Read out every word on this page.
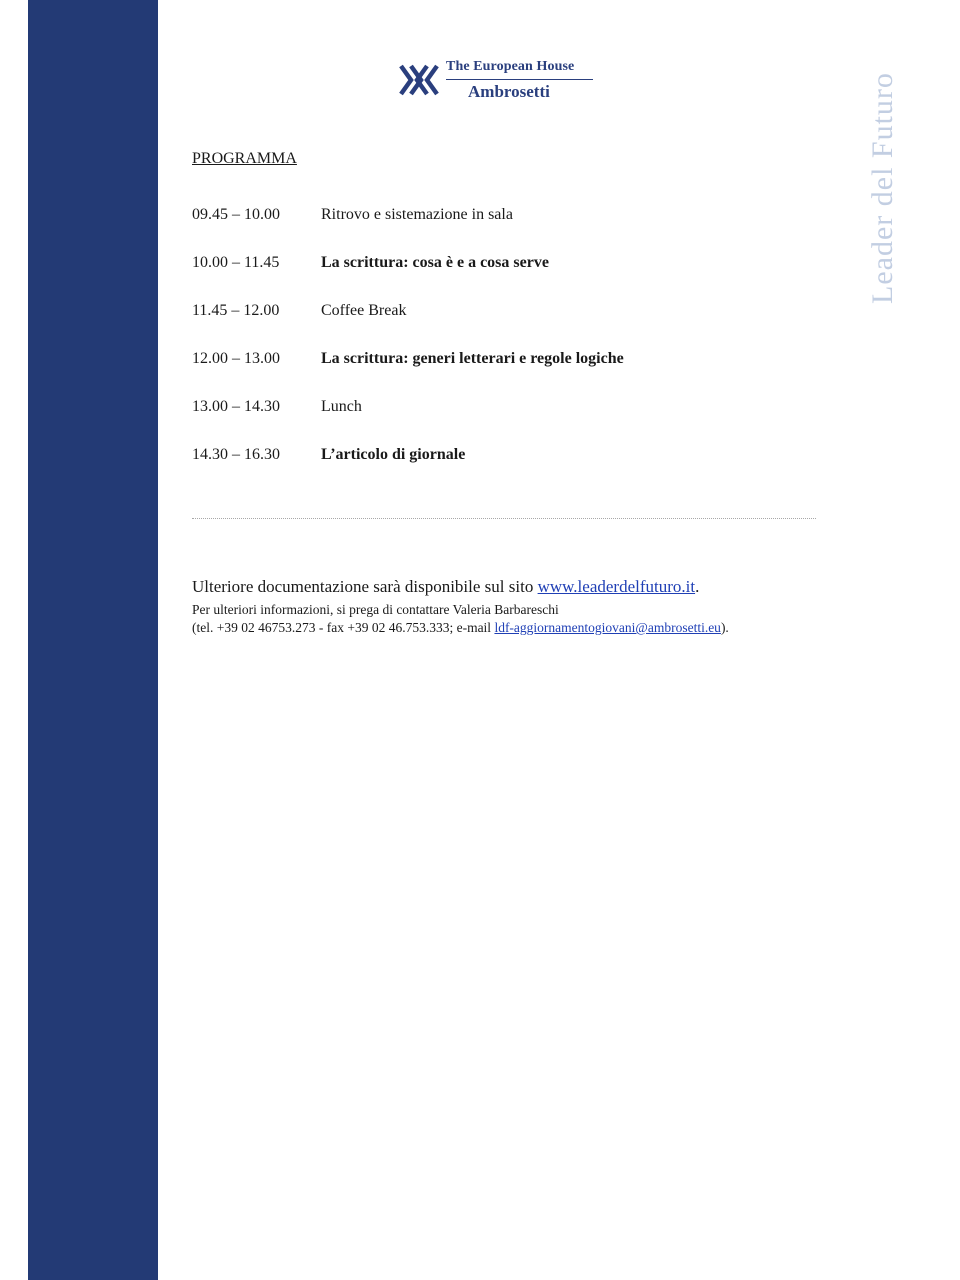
The European House
Ambrosetti	Leader del Futuro
PROGRAMMA
09.45 – 10.00	Ritrovo e sistemazione in sala
10.00 – 11.45	La scrittura: cosa è e a cosa serve
11.45 – 12.00	Coffee Break
12.00 – 13.00	La scrittura: generi letterari e regole logiche
13.00 – 14.30	Lunch
14.30 – 16.30	L’articolo di giornale
Ulteriore documentazione sarà disponibile sul sito www.leaderdelfuturo.it.
Per ulteriori informazioni, si prega di contattare Valeria Barbareschi
(tel. +39 02 46753.273 - fax +39 02 46.753.333; e-mail ldf-aggiornamentogiovani@ambrosetti.eu).
